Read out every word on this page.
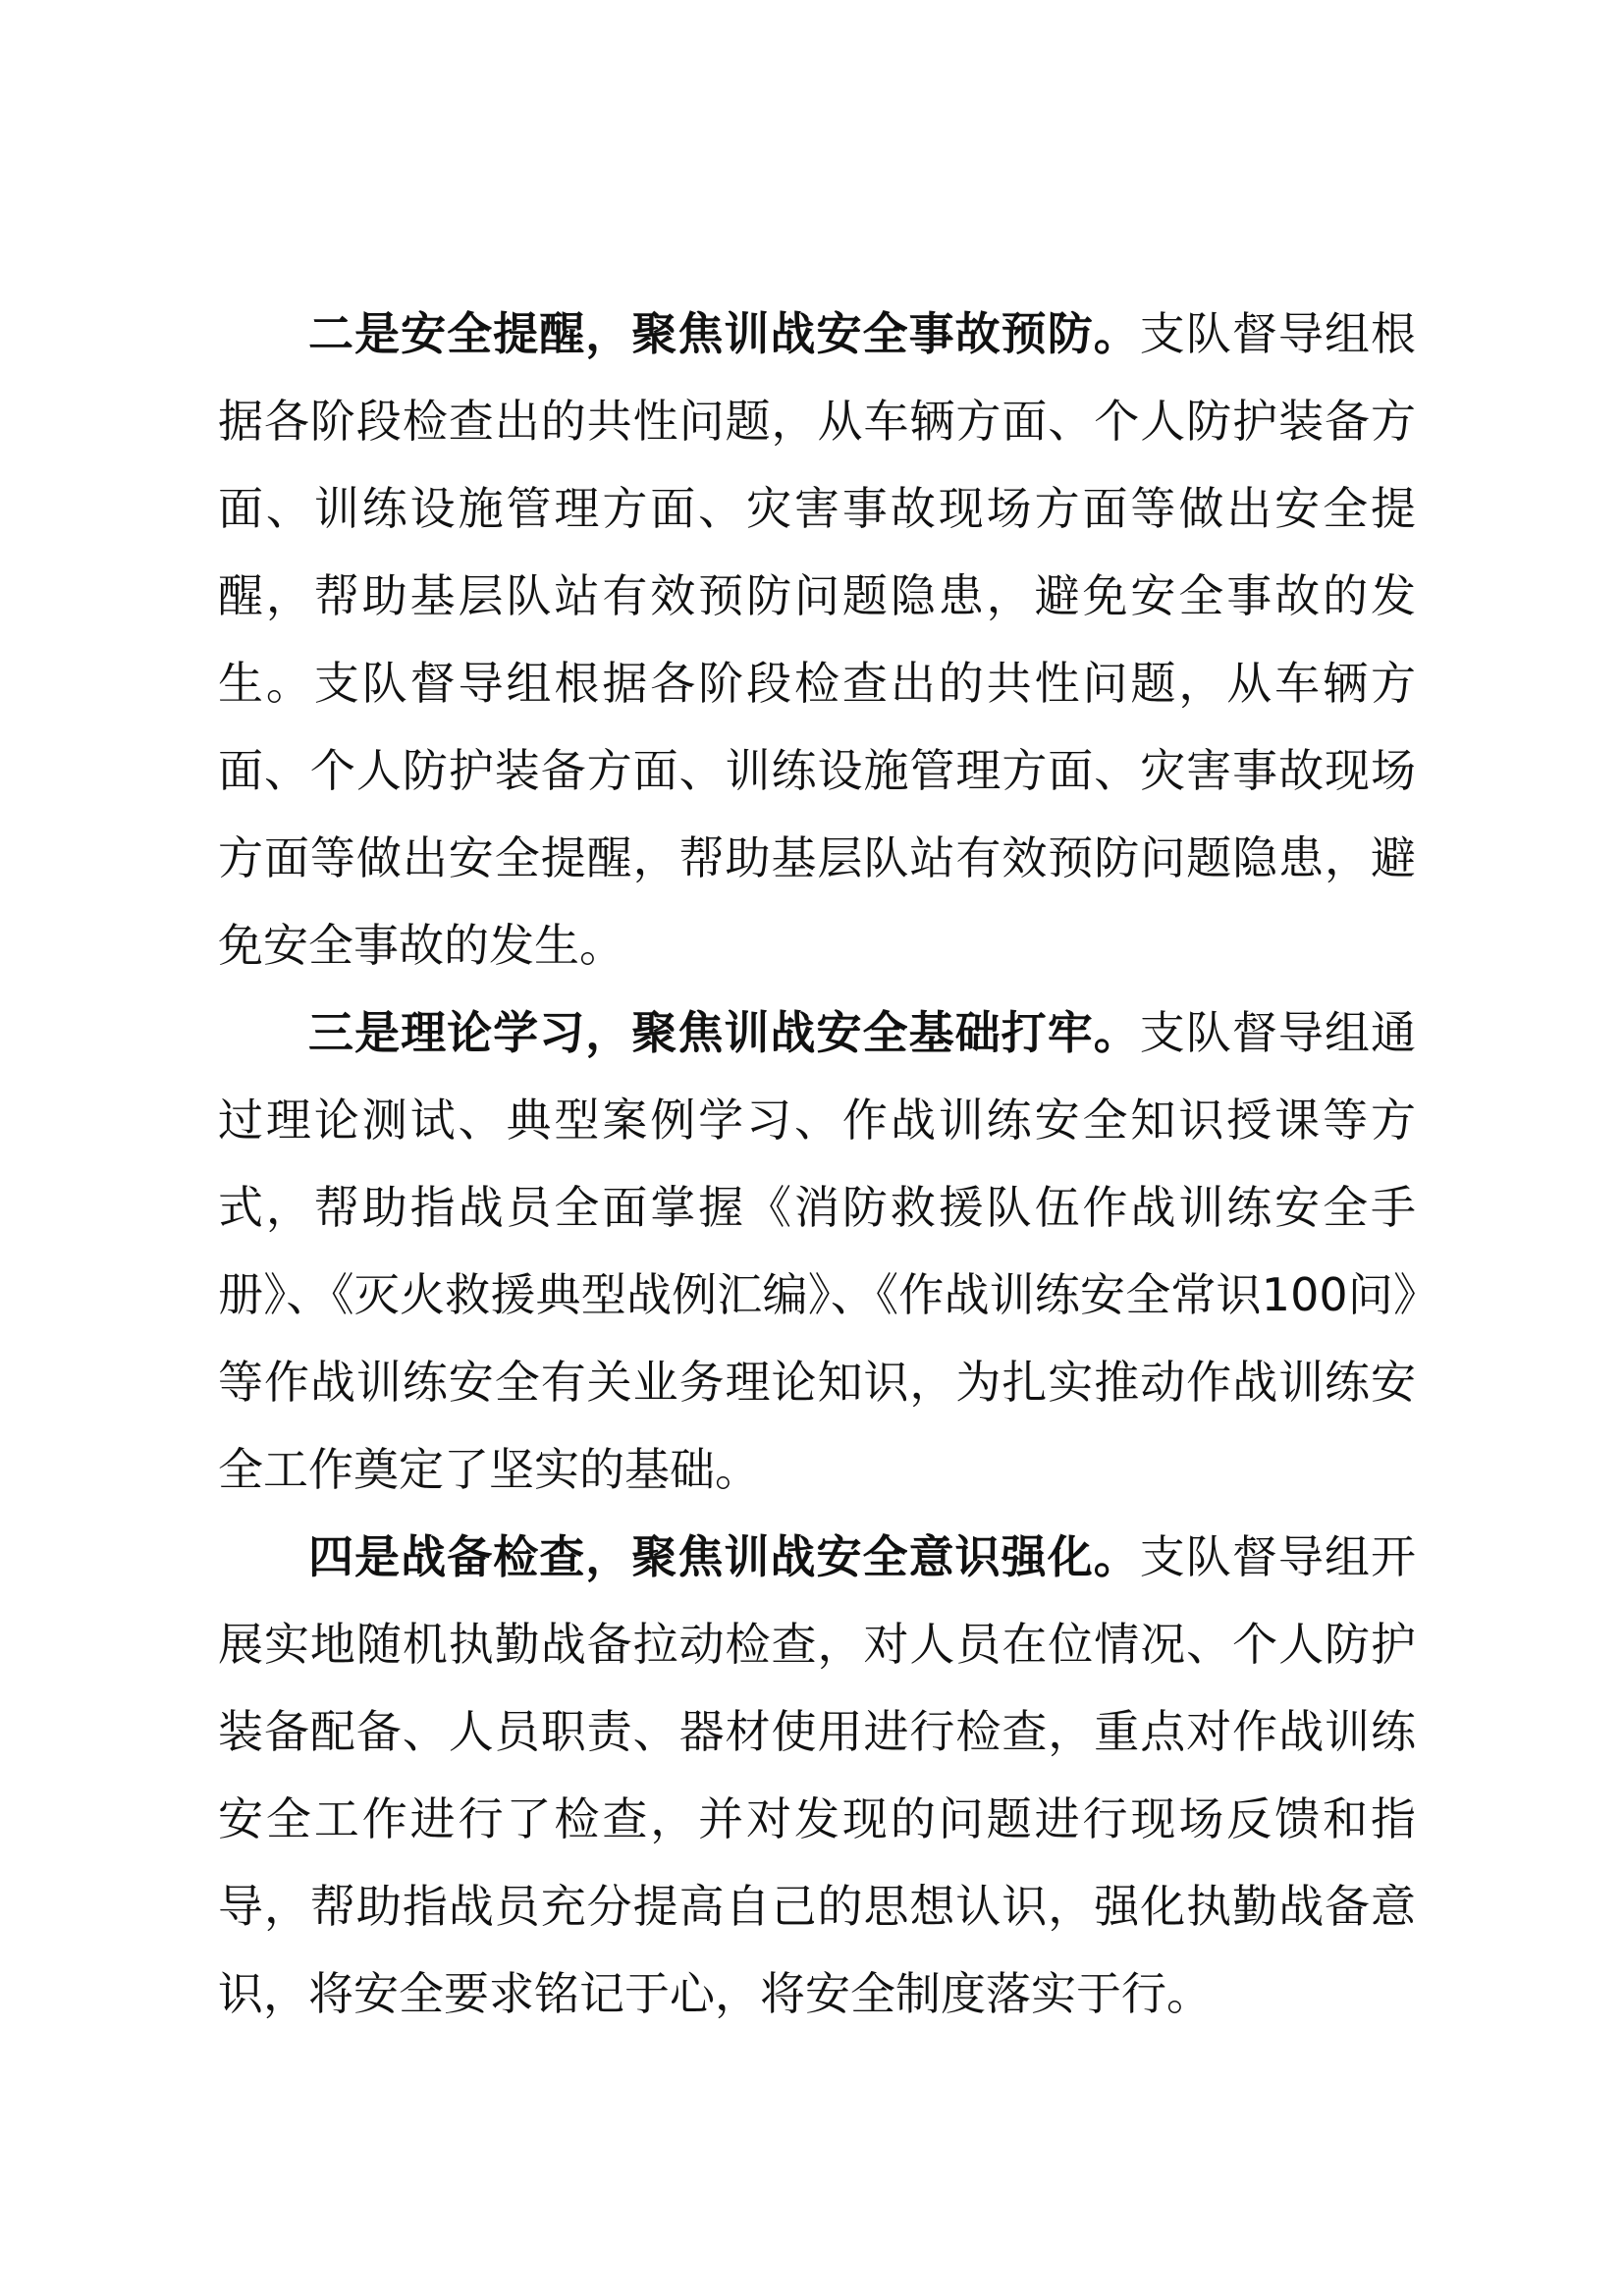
二是安全提醒，聚焦训战安全事故预防。支队督导组根据各阶段检查出的共性问题，从车辆方面、个人防护装备方面、训练设施管理方面、灾害事故现场方面等做出安全提醒，帮助基层队站有效预防问题隐患，避免安全事故的发生。支队督导组根据各阶段检查出的共性问题，从车辆方面、个人防护装备方面、训练设施管理方面、灾害事故现场方面等做出安全提醒，帮助基层队站有效预防问题隐患，避免安全事故的发生。

三是理论学习，聚焦训战安全基础打牢。支队督导组通过理论测试、典型案例学习、作战训练安全知识授课等方式，帮助指战员全面掌握《消防救援队伍作战训练安全手册》、《灭火救援典型战例汇编》、《作战训练安全常识100问》等作战训练安全有关业务理论知识，为扎实推动作战训练安全工作奠定了坚实的基础。

四是战备检查，聚焦训战安全意识强化。支队督导组开展实地随机执勤战备拉动检查，对人员在位情况、个人防护装备配备、人员职责、器材使用进行检查，重点对作战训练安全工作进行了检查，并对发现的问题进行现场反馈和指导，帮助指战员充分提高自己的思想认识，强化执勤战备意识，将安全要求铭记于心，将安全制度落实于行。
